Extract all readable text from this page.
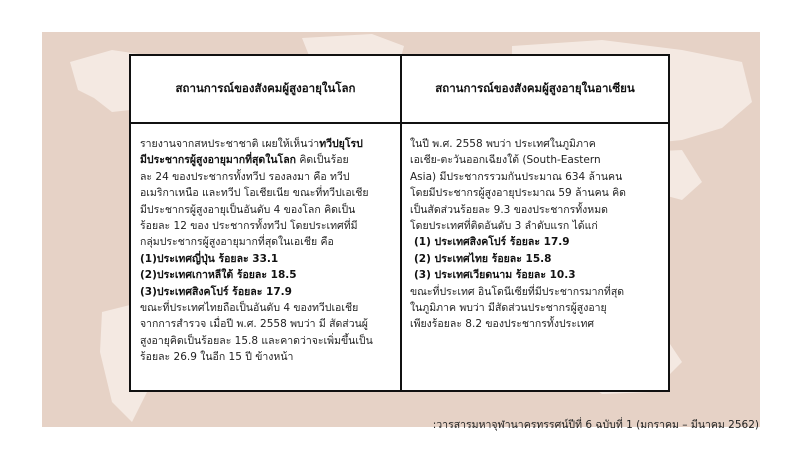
สถานการณ์ของสังคมผู้สูงอายุในโลก	สถานการณ์ของสังคมผู้สูงอายุในอาเซียน
รายงานจากสหประชาชาติ เผยให้เห็นว่าทวีปยุโรป
มีประชากรผู้สูงอายุมากที่สุดในโลก คิดเป็นร้อย
ละ 24 ของประชากรทั้งทวีป รองลงมา คือ ทวีป
อเมริกาเหนือ และทวีป โอเชียเนีย ขณะที่ทวีปเอเชีย
มีประชากรผู้สูงอายุเป็นอันดับ 4 ของโลก คิดเป็น
ร้อยละ 12 ของ ประชากรทั้งทวีป โดยประเทศที่มี
กลุ่มประชากรผู้สูงอายุมากที่สุดในเอเชีย คือ
(1)ประเทศญี่ปุ่น ร้อยละ 33.1
(2)ประเทศเกาหลีใต้ ร้อยละ 18.5
(3)ประเทศสิงคโปร์ ร้อยละ 17.9
ขณะที่ประเทศไทยถือเป็นอันดับ 4 ของทวีปเอเชีย
จากการสำรวจ เมื่อปี พ.ศ. 2558 พบว่า มี สัดส่วนผู้
สูงอายุคิดเป็นร้อยละ 15.8 และคาดว่าจะเพิ่มขึ้นเป็น
ร้อยละ 26.9 ในอีก 15 ปี ข้างหน้า
ในปี พ.ศ. 2558 พบว่า ประเทศในภูมิภาค
เอเชีย-ตะวันออกเฉียงใต้ (South-Eastern
Asia) มีประชากรรวมกันประมาณ 634 ล้านคน
โดยมีประชากรผู้สูงอายุประมาณ 59 ล้านคน คิด
เป็นสัดส่วนร้อยละ 9.3 ของประชากรทั้งหมด
โดยประเทศที่ติดอันดับ 3 ลำดับแรก ได้แก่
(1) ประเทศสิงคโปร์ ร้อยละ 17.9
(2) ประเทศไทย ร้อยละ 15.8
(3) ประเทศเวียดนาม ร้อยละ 10.3
ขณะที่ประเทศ อินโดนีเซียที่มีประชากรมากที่สุด
ในภูมิภาค พบว่า มีสัดส่วนประชากรผู้สูงอายุ
เพียงร้อยละ 8.2 ของประชากรทั้งประเทศ
:วารสารมหาจุฬานาครทรรศน์ปีที่ 6 ฉบับที่ 1 (มกราคม – มีนาคม 2562)
